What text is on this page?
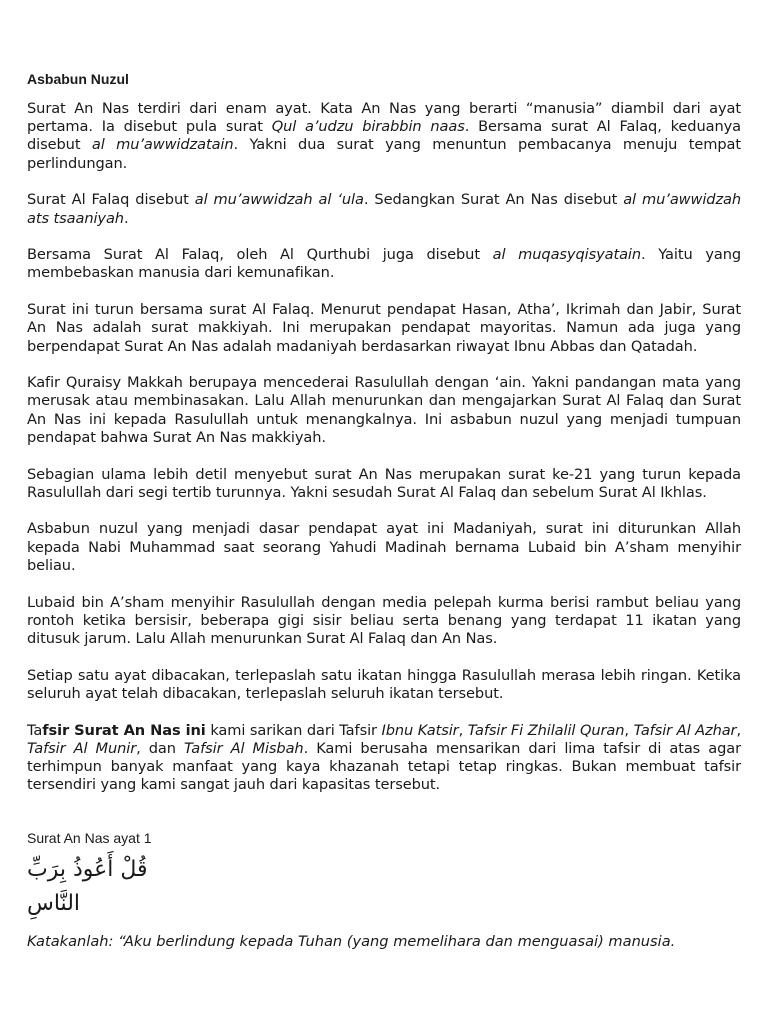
Asbabun Nuzul

Surat An Nas terdiri dari enam ayat. Kata An Nas yang berarti “manusia” diambil dari ayat pertama. Ia disebut pula surat Qul a’udzu birabbin naas. Bersama surat Al Falaq, keduanya disebut al mu’awwidzatain. Yakni dua surat yang menuntun pembacanya menuju tempat perlindungan.

Surat Al Falaq disebut al mu’awwidzah al ‘ula. Sedangkan Surat An Nas disebut al mu’awwidzah ats tsaaniyah.

Bersama Surat Al Falaq, oleh Al Qurthubi juga disebut al muqasyqisyatain. Yaitu yang membebaskan manusia dari kemunafikan.

Surat ini turun bersama surat Al Falaq. Menurut pendapat Hasan, Atha’, Ikrimah dan Jabir, Surat An Nas adalah surat makkiyah. Ini merupakan pendapat mayoritas. Namun ada juga yang berpendapat Surat An Nas adalah madaniyah berdasarkan riwayat Ibnu Abbas dan Qatadah.

Kafir Quraisy Makkah berupaya mencederai Rasulullah dengan ‘ain. Yakni pandangan mata yang merusak atau membinasakan. Lalu Allah menurunkan dan mengajarkan Surat Al Falaq dan Surat An Nas ini kepada Rasulullah untuk menangkalnya. Ini asbabun nuzul yang menjadi tumpuan pendapat bahwa Surat An Nas makkiyah.

Sebagian ulama lebih detil menyebut surat An Nas merupakan surat ke-21 yang turun kepada Rasulullah dari segi tertib turunnya. Yakni sesudah Surat Al Falaq dan sebelum Surat Al Ikhlas.

Asbabun nuzul yang menjadi dasar pendapat ayat ini Madaniyah, surat ini diturunkan Allah kepada Nabi Muhammad saat seorang Yahudi Madinah bernama Lubaid bin A’sham menyihir beliau.

Lubaid bin A’sham menyihir Rasulullah dengan media pelepah kurma berisi rambut beliau yang rontoh ketika bersisir, beberapa gigi sisir beliau serta benang yang terdapat 11 ikatan yang ditusuk jarum. Lalu Allah menurunkan Surat Al Falaq dan An Nas.

Setiap satu ayat dibacakan, terlepaslah satu ikatan hingga Rasulullah merasa lebih ringan. Ketika seluruh ayat telah dibacakan, terlepaslah seluruh ikatan tersebut.

Tafsir Surat An Nas ini kami sarikan dari Tafsir Ibnu Katsir, Tafsir Fi Zhilalil Quran, Tafsir Al Azhar, Tafsir Al Munir, dan Tafsir Al Misbah. Kami berusaha mensarikan dari lima tafsir di atas agar terhimpun banyak manfaat yang kaya khazanah tetapi tetap ringkas. Bukan membuat tafsir tersendiri yang kami sangat jauh dari kapasitas tersebut.

Surat An Nas ayat 1
قُلْ أَعُوذُ بِرَبِّ النَّاسِ
Katakanlah: “Aku berlindung kepada Tuhan (yang memelihara dan menguasai) manusia.
